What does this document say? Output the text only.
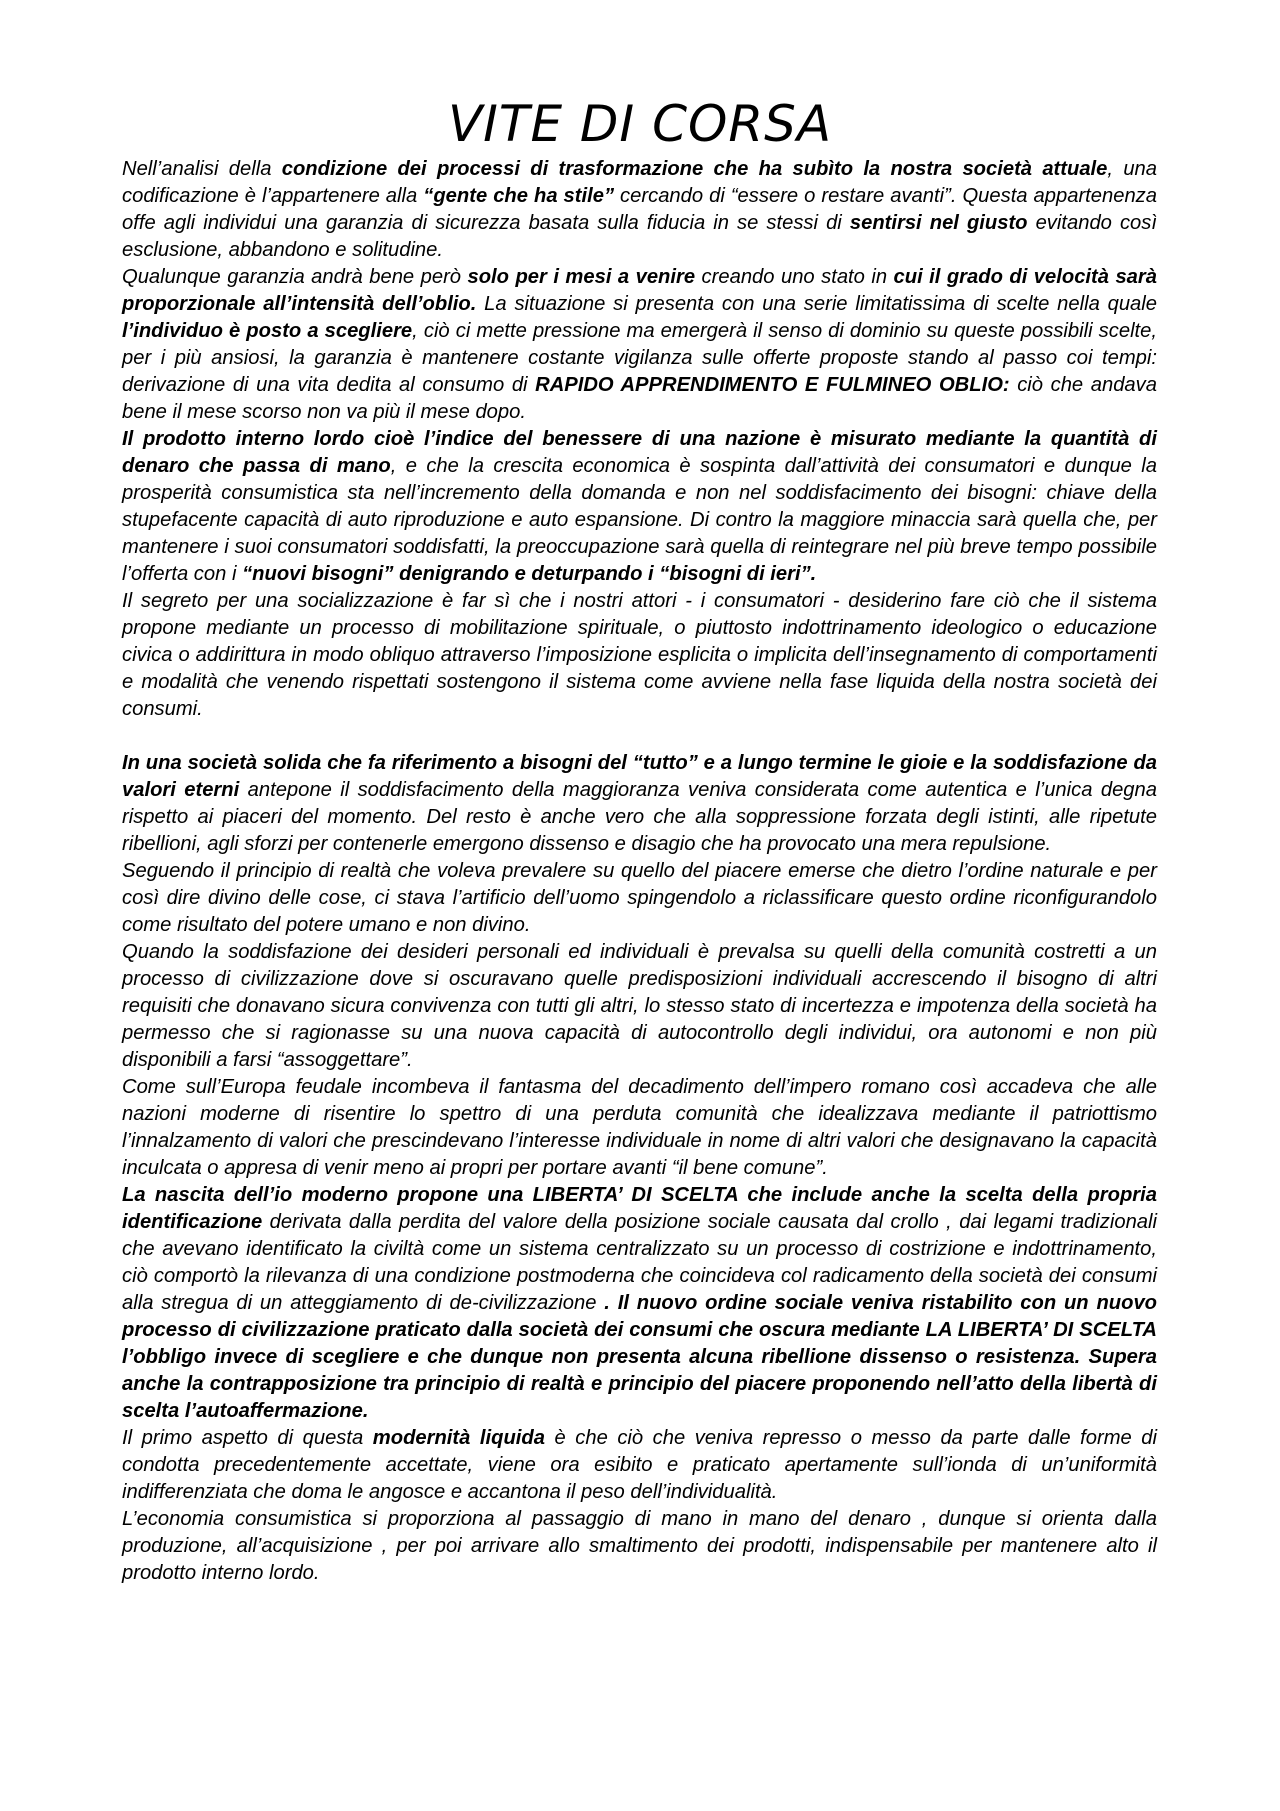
VITE DI CORSA

Nell’analisi della condizione dei processi di trasformazione che ha subìto la nostra società attuale, una codificazione è l’appartenere alla “gente che ha stile” cercando di “essere o restare avanti”. Questa appartenenza offe agli individui una garanzia di sicurezza basata sulla fiducia in se stessi di sentirsi nel giusto evitando così esclusione, abbandono e solitudine.

Qualunque garanzia andrà bene però solo per i mesi a venire creando uno stato in cui il grado di velocità sarà proporzionale all’intensità dell’oblio. La situazione si presenta con una serie limitatissima di scelte nella quale l’individuo è posto a scegliere, ciò ci mette pressione ma emergerà il senso di dominio su queste possibili scelte, per i più ansiosi, la garanzia è mantenere costante vigilanza sulle offerte proposte stando al passo coi tempi: derivazione di una vita dedita al consumo di RAPIDO APPRENDIMENTO E FULMINEO OBLIO: ciò che andava bene il mese scorso non va più il mese dopo.

Il prodotto interno lordo cioè l’indice del benessere di una nazione è misurato mediante la quantità di denaro che passa di mano, e che la crescita economica è sospinta dall’attività dei consumatori e dunque la prosperità consumistica sta nell’incremento della domanda e non nel soddisfacimento dei bisogni: chiave della stupefacente capacità di auto riproduzione e auto espansione. Di contro la maggiore minaccia sarà quella che, per mantenere i suoi consumatori soddisfatti, la preoccupazione sarà quella di reintegrare nel più breve tempo possibile l’offerta con i “nuovi bisogni” denigrando e deturpando i “bisogni di ieri”.

Il segreto per una socializzazione è far sì che i nostri attori - i consumatori - desiderino fare ciò che il sistema propone mediante un processo di mobilitazione spirituale, o piuttosto indottrinamento ideologico o educazione civica o addirittura in modo obliquo attraverso l’imposizione esplicita o implicita dell’insegnamento di comportamenti e modalità che venendo rispettati sostengono il sistema come avviene nella fase liquida della nostra società dei consumi.

In una società solida che fa riferimento a bisogni del “tutto” e a lungo termine le gioie e la soddisfazione da valori eterni antepone il soddisfacimento della maggioranza veniva considerata come autentica e l’unica degna rispetto ai piaceri del momento. Del resto è anche vero che alla soppressione forzata degli istinti, alle ripetute ribellioni, agli sforzi per contenerle emergono dissenso e disagio che ha provocato una mera repulsione.

Seguendo il principio di realtà che voleva prevalere su quello del piacere emerse che dietro l’ordine naturale e per così dire divino delle cose, ci stava l’artificio dell’uomo spingendolo a riclassificare questo ordine riconfigurandolo come risultato del potere umano e non divino.

Quando la soddisfazione dei desideri personali ed individuali è prevalsa su quelli della comunità costretti a un processo di civilizzazione dove si oscuravano quelle predisposizioni individuali accrescendo il bisogno di altri requisiti che donavano sicura convivenza con tutti gli altri, lo stesso stato di incertezza e impotenza della società ha permesso che si ragionasse su una nuova capacità di autocontrollo degli individui, ora autonomi e non più disponibili a farsi “assoggettare”.

Come sull’Europa feudale incombeva il fantasma del decadimento dell’impero romano così accadeva che alle nazioni moderne di risentire lo spettro di una perduta comunità che idealizzava mediante il patriottismo l’innalzamento di valori che prescindevano l’interesse individuale in nome di altri valori che designavano la capacità inculcata o appresa di venir meno ai propri per portare avanti “il bene comune”.

La nascita dell’io moderno propone una LIBERTA’ DI SCELTA che include anche la scelta della propria identificazione derivata dalla perdita del valore della posizione sociale causata dal crollo , dai legami tradizionali che avevano identificato la civiltà come un sistema centralizzato su un processo di costrizione e indottrinamento, ciò comportò la rilevanza di una condizione postmoderna che coincideva col radicamento della società dei consumi alla stregua di un atteggiamento di de-civilizzazione . Il nuovo ordine sociale veniva ristabilito con un nuovo processo di civilizzazione praticato dalla società dei consumi che oscura mediante LA LIBERTA’ DI SCELTA l’obbligo invece di scegliere e che dunque non presenta alcuna ribellione dissenso o resistenza. Supera anche la contrapposizione tra principio di realtà e principio del piacere proponendo nell’atto della libertà di scelta l’autoaffermazione.

Il primo aspetto di questa modernità liquida è che ciò che veniva represso o messo da parte dalle forme di condotta precedentemente accettate, viene ora esibito e praticato apertamente sull’ionda di un’uniformità indifferenziata che doma le angosce e accantona il peso dell’individualità.

L’economia consumistica si proporziona al passaggio di mano in mano del denaro , dunque si orienta dalla produzione, all’acquisizione , per poi arrivare allo smaltimento dei prodotti, indispensabile per mantenere alto il prodotto interno lordo.
